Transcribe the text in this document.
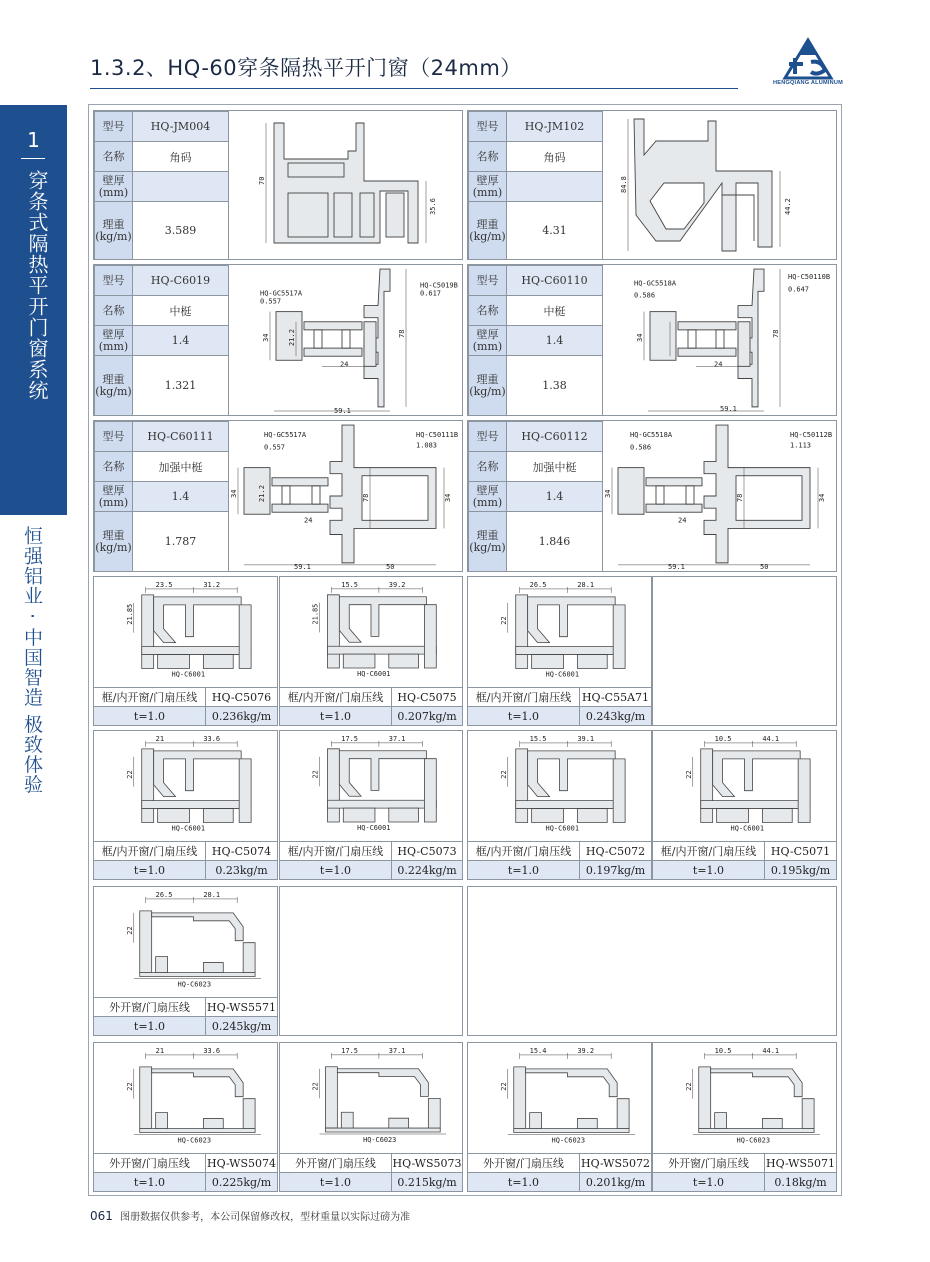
1.3.2、HQ-60穿条隔热平开门窗（24mm）
HENGQIANG ALUMINUM
1
穿条式隔热平开门窗系统
恒强铝业 · 中国智造 极致体验
型号	HQ-JM004
名称	角码
壁厚
(mm)	
理重
(kg/m)	3.589
70
35.6
型号	HQ-JM102
名称	角码
壁厚
(mm)	
理重
(kg/m)	4.31
84.8
44.2
型号	HQ-C6019
名称	中梃
壁厚
(mm)	1.4
理重
(kg/m)	1.321
HQ-GC5517A
0.557
HQ-C5019B
0.617
34 21.2
24
78
59.1
型号	HQ-C60110
名称	中梃
壁厚
(mm)	1.4
理重
(kg/m)	1.38
HQ-GC5518A
0.586
HQ-C50110B
0.647
34
24
78
59.1
型号	HQ-C60111
名称	加强中梃
壁厚
(mm)	1.4
理重
(kg/m)	1.787
HQ-GC5517A
0.557
HQ-C50111B
1.083
34	21.2
24
78	34
59.1	50
型号	HQ-C60112
名称	加强中梃
壁厚
(mm)	1.4
理重
(kg/m)	1.846
HQ-GC5518A
0.586
HQ-C50112B
1.113
34
24
78	34
59.1	50
23.5	31.2
21.85
HQ-C6001
框/内开窗/门扇压线	HQ-C5076
t=1.0	0.236kg/m
15.5	39.2
21.85
HQ-C6001
框/内开窗/门扇压线	HQ-C5075
t=1.0	0.207kg/m
26.5	28.1
22
HQ-C6001
框/内开窗/门扇压线 HQ-C55A71
t=1.0	0.243kg/m
21	33.6
22
HQ-C6001
框/内开窗/门扇压线	HQ-C5074
t=1.0	0.23kg/m
17.5	37.1
22
HQ-C6001
框/内开窗/门扇压线	HQ-C5073
t=1.0	0.224kg/m
15.5	39.1
22
HQ-C6001
框/内开窗/门扇压线	HQ-C5072
t=1.0	0.197kg/m
10.5	44.1
22
HQ-C6001
框/内开窗/门扇压线	HQ-C5071
t=1.0	0.195kg/m
26.5	28.1
22
HQ-C6023
外开窗/门扇压线	HQ-WS5571
t=1.0	0.245kg/m
21	33.6
22
HQ-C6023
外开窗/门扇压线	HQ-WS5074
t=1.0	0.225kg/m
17.5	37.1
22
HQ-C6023
外开窗/门扇压线	HQ-WS5073
t=1.0	0.215kg/m
15.4	39.2
22
HQ-C6023
外开窗/门扇压线	HQ-WS5072
t=1.0	0.201kg/m
10.5	44.1
22
HQ-C6023
外开窗/门扇压线	HQ-WS5071
t=1.0	0.18kg/m
061 图册数据仅供参考，本公司保留修改权，型材重量以实际过磅为准
